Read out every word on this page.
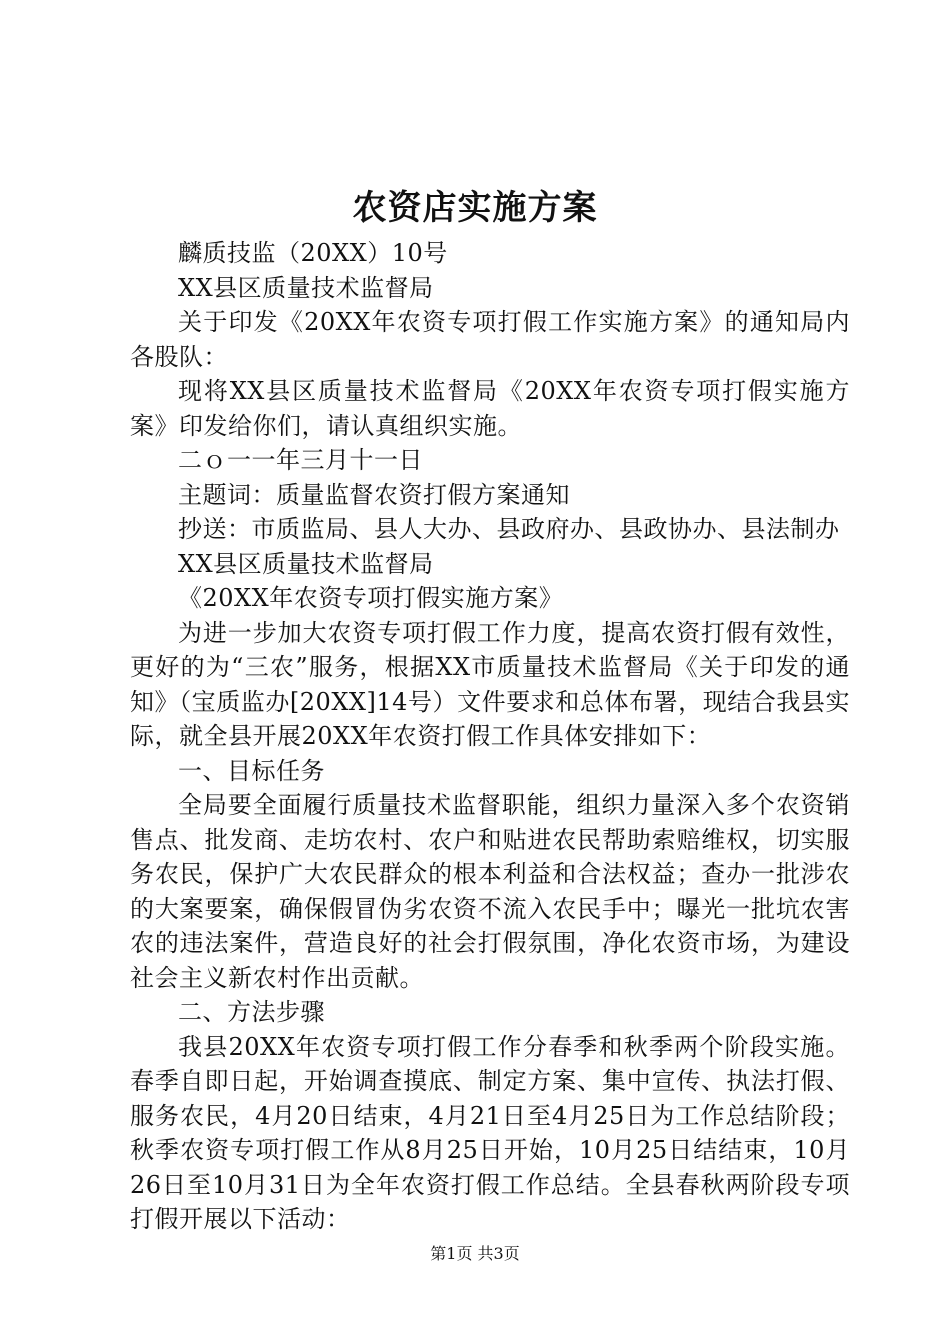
农资店实施方案

麟质技监（20XX）10号

XX县区质量技术监督局

关于印发《20XX年农资专项打假工作实施方案》的通知局内各股队：

现将XX县区质量技术监督局《20XX年农资专项打假实施方案》印发给你们，请认真组织实施。

二ｏ一一年三月十一日

主题词：质量监督农资打假方案通知

抄送：市质监局、县人大办、县政府办、县政协办、县法制办

XX县区质量技术监督局

《20XX年农资专项打假实施方案》

为进一步加大农资专项打假工作力度，提高农资打假有效性，更好的为“三农”服务，根据XX市质量技术监督局《关于印发的通知》（宝质监办[20XX]14号）文件要求和总体布署，现结合我县实际，就全县开展20XX年农资打假工作具体安排如下：

一、目标任务

全局要全面履行质量技术监督职能，组织力量深入多个农资销售点、批发商、走坊农村、农户和贴进农民帮助索赔维权，切实服务农民，保护广大农民群众的根本利益和合法权益；查办一批涉农的大案要案，确保假冒伪劣农资不流入农民手中；曝光一批坑农害农的违法案件，营造良好的社会打假氛围，净化农资市场，为建设社会主义新农村作出贡献。

二、方法步骤

我县20XX年农资专项打假工作分春季和秋季两个阶段实施。春季自即日起，开始调查摸底、制定方案、集中宣传、执法打假、服务农民，4月20日结束，4月21日至4月25日为工作总结阶段；秋季农资专项打假工作从8月25日开始，10月25日结结束，10月26日至10月31日为全年农资打假工作总结。全县春秋两阶段专项打假开展以下活动：

第1页 共3页
